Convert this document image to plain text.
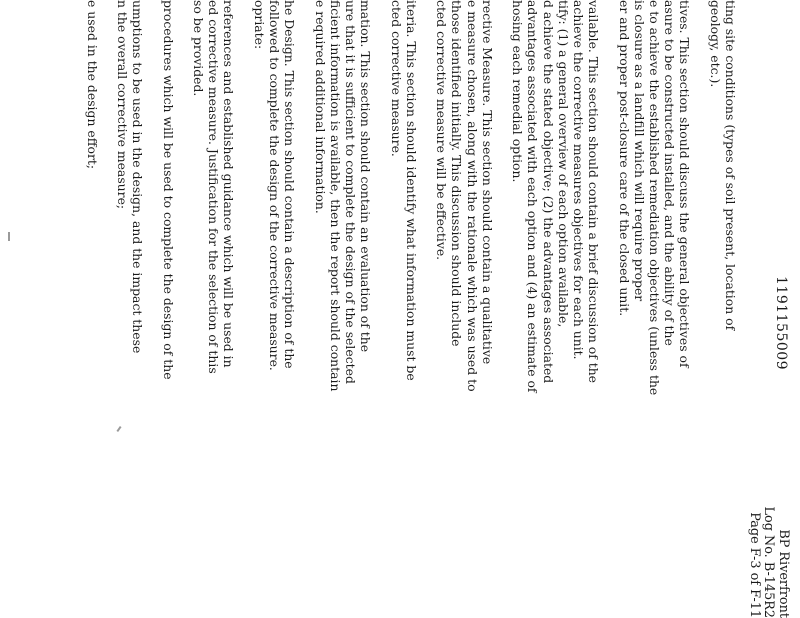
BP Riverfront
Log No. B-145R2
Page F-3 of F-11
1191155009
ting site conditions (types of soil present, location of
geology, etc.).
tives. This section should discuss the general objectives of
asure to be constructed installed, and the ability of the
e to achieve the established remediation objectives (unless the
is closure as a landfill which will require proper
er and proper post-closure care of the closed unit.
vailable. This section should contain a brief discussion of the
achieve the corrective measures objectives for each unit.
tify: (1) a general overview of each option available,
d achieve the stated objective; (2) the advantages associated
advantages associated with each option and (4) an estimate of
hosing each remedial option.
rective Measure. This section should contain a qualitative
e measure chosen, along with the rationale which was used to
those identified initially. This discussion should include
cted corrective measure will be effective.
iteria. This section should identify what information must be
cted corrective measure.
mation. This section should contain an evaluation of the
ure that it is sufficient to complete the design of the selected
ficient information is available, then the report should contain
e required additional information.
he Design. This section should contain a description of the
followed to complete the design of the corrective measure.
opriate:
references and established guidance which will be used in
ed corrective measure. Justification for the selection of this
so be provided.
procedures which will be used to complete the design of the
umptions to be used in the design, and the impact these
n the overall corrective measure;
e used in the design effort;
